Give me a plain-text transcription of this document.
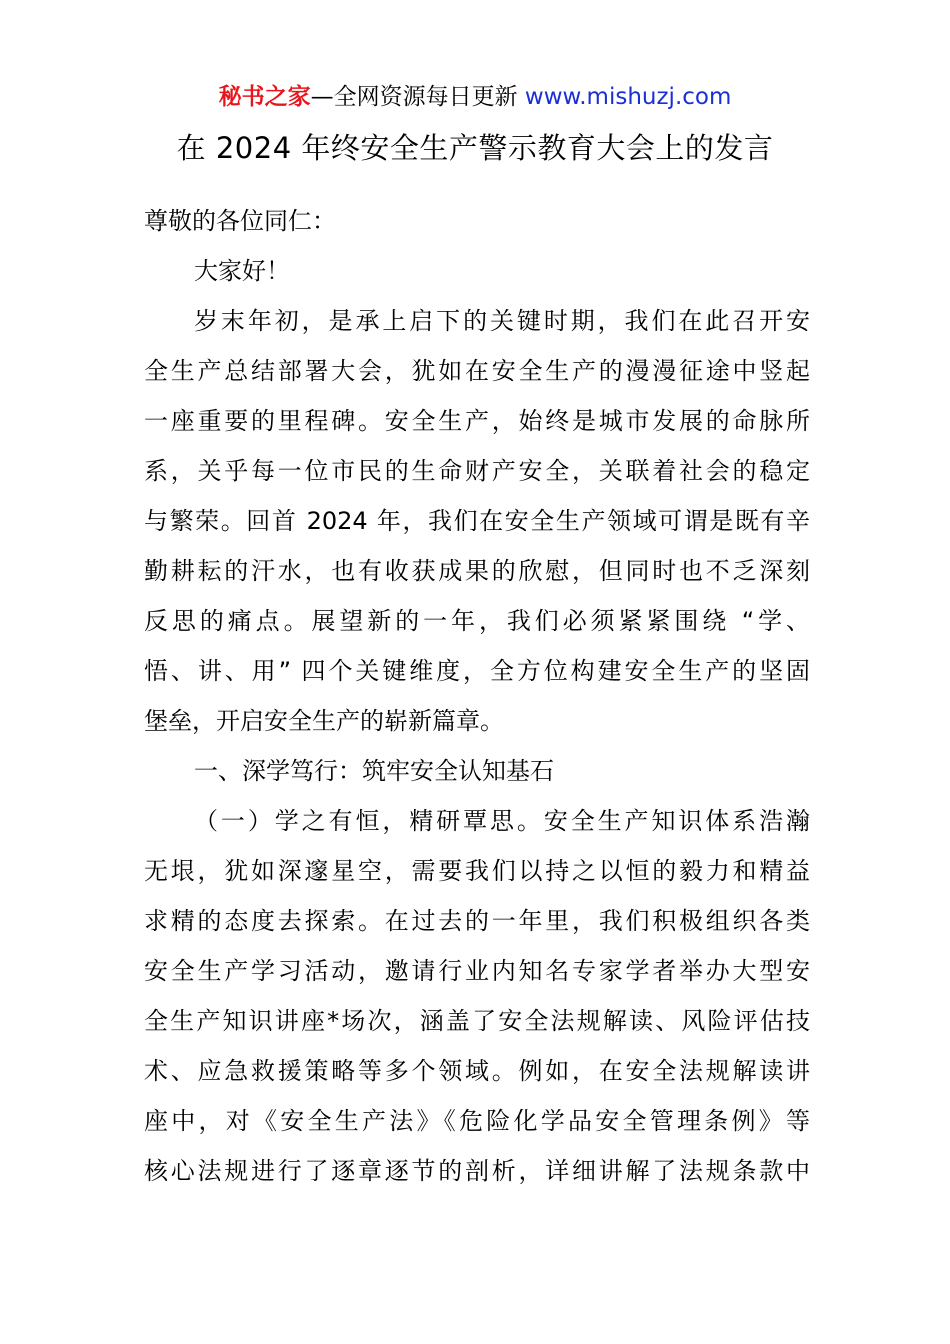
秘书之家—全网资源每日更新 www.mishuzj.com
在 2024 年终安全生产警示教育大会上的发言
尊敬的各位同仁：
大家好！
岁末年初，是承上启下的关键时期，我们在此召开安
全生产总结部署大会，犹如在安全生产的漫漫征途中竖起
一座重要的里程碑。安全生产，始终是城市发展的命脉所
系，关乎每一位市民的生命财产安全，关联着社会的稳定
与繁荣。回首 2024 年，我们在安全生产领域可谓是既有辛
勤耕耘的汗水，也有收获成果的欣慰，但同时也不乏深刻
反思的痛点。展望新的一年，我们必须紧紧围绕 “学、
悟、讲、用” 四个关键维度，全方位构建安全生产的坚固
堡垒，开启安全生产的崭新篇章。
一、深学笃行：筑牢安全认知基石
（一）学之有恒，精研覃思。安全生产知识体系浩瀚
无垠，犹如深邃星空，需要我们以持之以恒的毅力和精益
求精的态度去探索。在过去的一年里，我们积极组织各类
安全生产学习活动，邀请行业内知名专家学者举办大型安
全生产知识讲座*场次，涵盖了安全法规解读、风险评估技
术、应急救援策略等多个领域。例如，在安全法规解读讲
座中，对《安全生产法》《危险化学品安全管理条例》等
核心法规进行了逐章逐节的剖析，详细讲解了法规条款中
